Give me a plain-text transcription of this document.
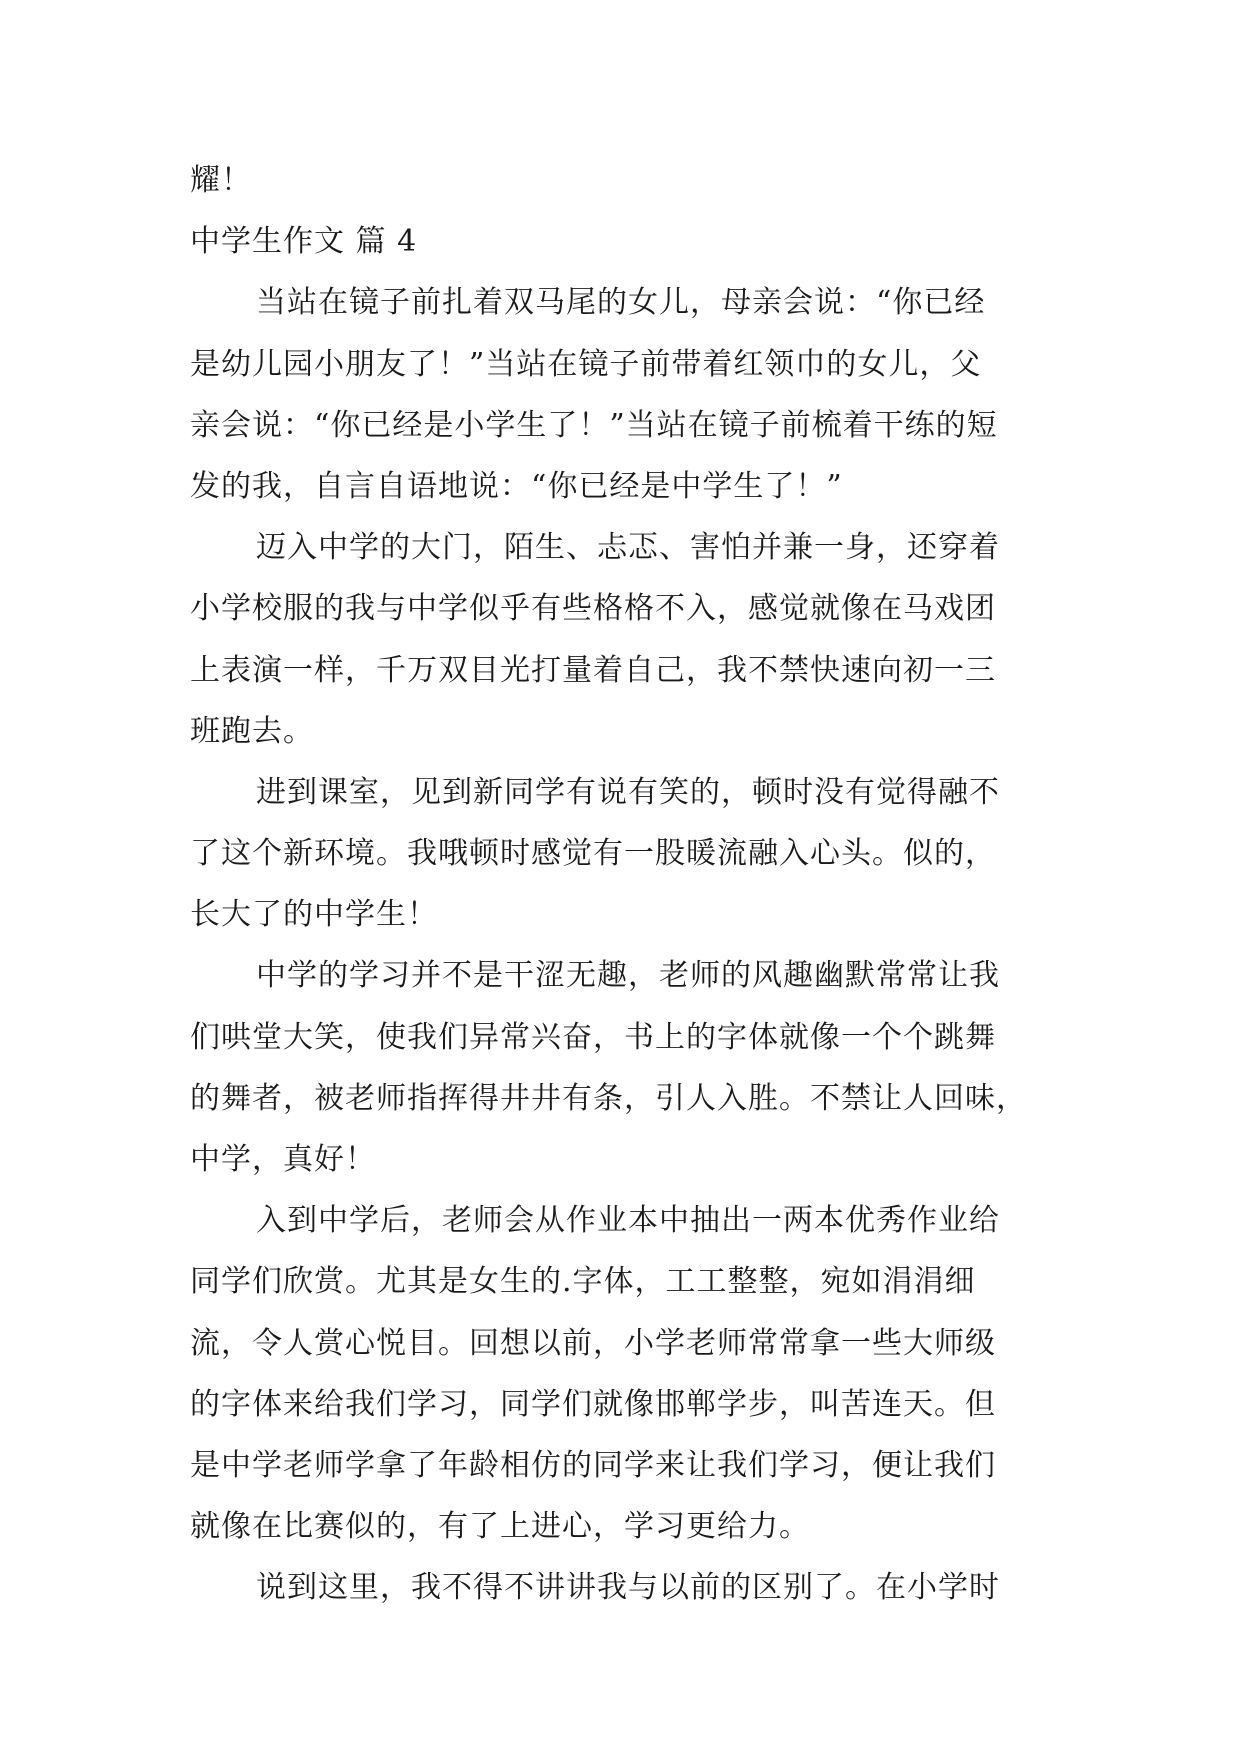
耀！
中学生作文 篇 4
当站在镜子前扎着双马尾的女儿，母亲会说：“你已经
是幼儿园小朋友了！”当站在镜子前带着红领巾的女儿，父
亲会说：“你已经是小学生了！”当站在镜子前梳着干练的短
发的我，自言自语地说：“你已经是中学生了！”
迈入中学的大门，陌生、忐忑、害怕并兼一身，还穿着
小学校服的我与中学似乎有些格格不入，感觉就像在马戏团
上表演一样，千万双目光打量着自己，我不禁快速向初一三
班跑去。
进到课室，见到新同学有说有笑的，顿时没有觉得融不
了这个新环境。我哦顿时感觉有一股暖流融入心头。似的，
长大了的中学生！
中学的学习并不是干涩无趣，老师的风趣幽默常常让我
们哄堂大笑，使我们异常兴奋，书上的字体就像一个个跳舞
的舞者，被老师指挥得井井有条，引人入胜。不禁让人回味，
中学，真好！
入到中学后，老师会从作业本中抽出一两本优秀作业给
同学们欣赏。尤其是女生的.字体，工工整整，宛如涓涓细
流，令人赏心悦目。回想以前，小学老师常常拿一些大师级
的字体来给我们学习，同学们就像邯郸学步，叫苦连天。但
是中学老师学拿了年龄相仿的同学来让我们学习，便让我们
就像在比赛似的，有了上进心，学习更给力。
说到这里，我不得不讲讲我与以前的区别了。在小学时
